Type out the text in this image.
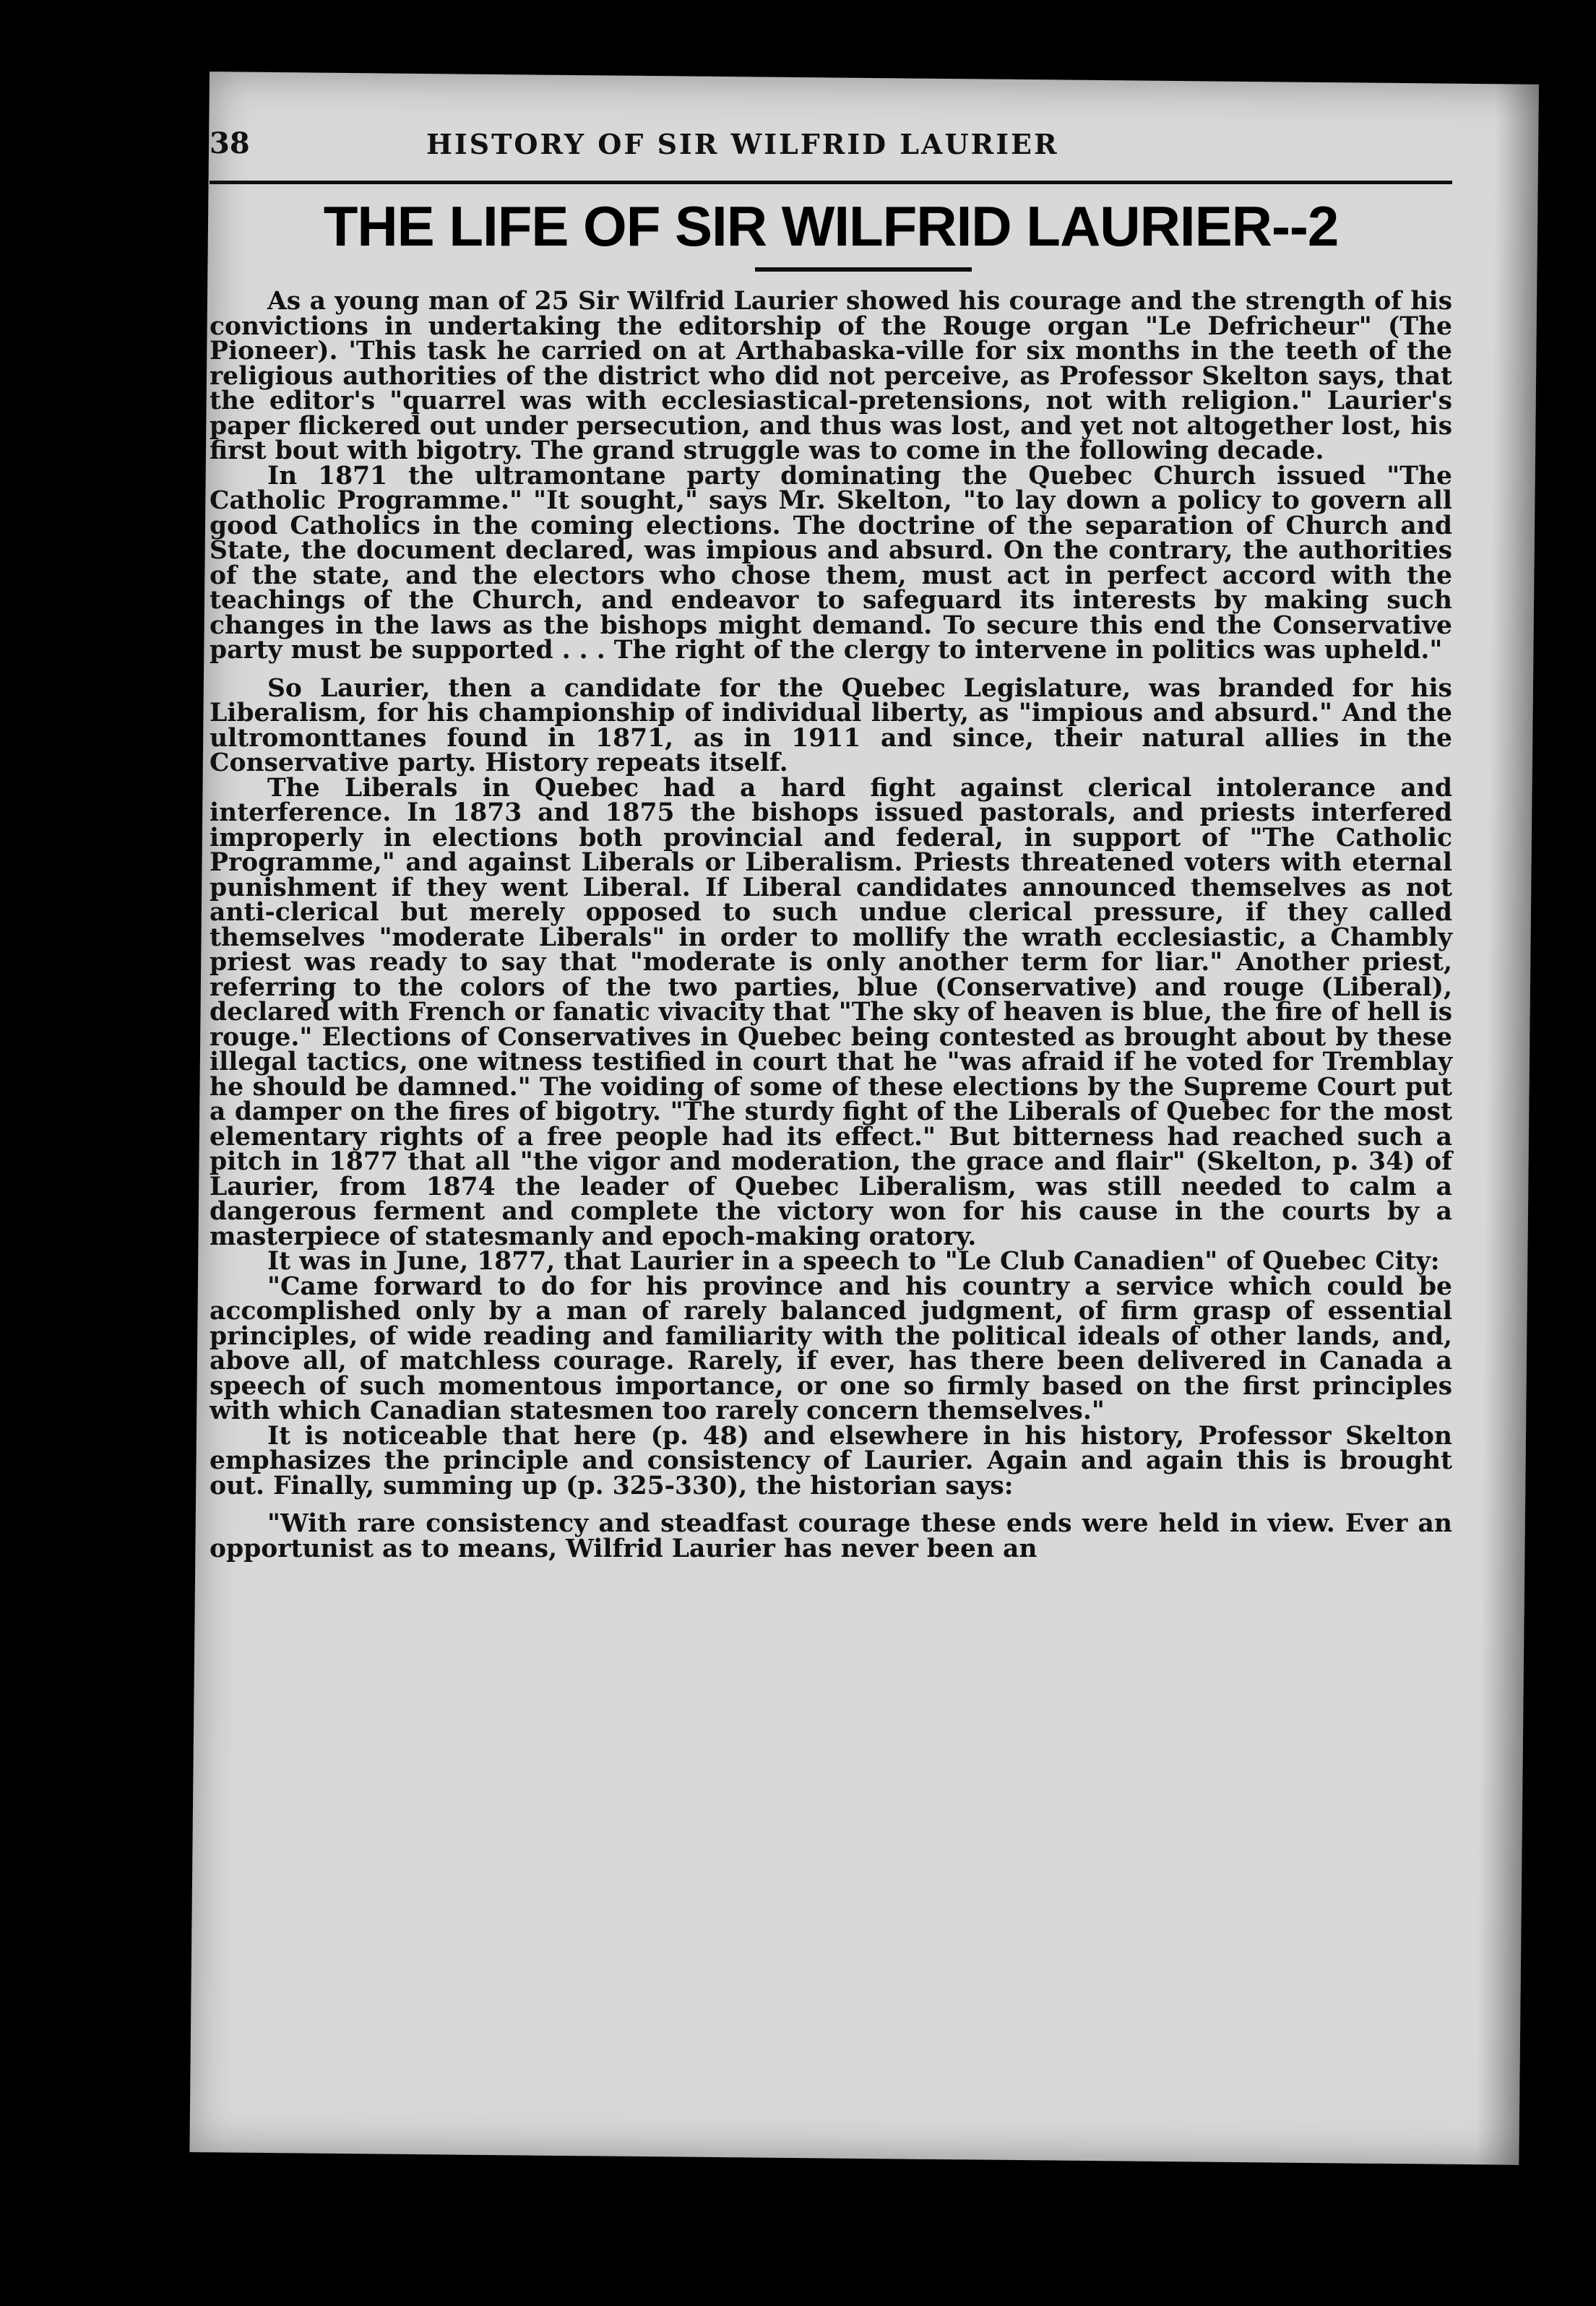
38	HISTORY OF SIR WILFRID LAURIER
THE LIFE OF SIR WILFRID LAURIER--2

As a young man of 25 Sir Wilfrid Laurier showed his courage and the strength of his convictions in undertaking the editorship of the Rouge organ "Le Defricheur" (The Pioneer). 'This task he carried on at Arthabaska-ville for six months in the teeth of the religious authorities of the district who did not perceive, as Professor Skelton says, that the editor's "quarrel was with ecclesiastical-pretensions, not with religion." Laurier's paper flickered out under persecution, and thus was lost, and yet not altogether lost, his first bout with bigotry. The grand struggle was to come in the following decade.

In 1871 the ultramontane party dominating the Quebec Church issued "The Catholic Programme." "It sought," says Mr. Skelton, "to lay down a policy to govern all good Catholics in the coming elections. The doctrine of the separation of Church and State, the document declared, was impious and absurd. On the contrary, the authorities of the state, and the electors who chose them, must act in perfect accord with the teachings of the Church, and endeavor to safeguard its interests by making such changes in the laws as the bishops might demand. To secure this end the Conservative party must be supported . . . The right of the clergy to intervene in politics was upheld."

So Laurier, then a candidate for the Quebec Legislature, was branded for his Liberalism, for his championship of individual liberty, as "impious and absurd." And the ultromonttanes found in 1871, as in 1911 and since, their natural allies in the Conservative party. History repeats itself.

The Liberals in Quebec had a hard fight against clerical intolerance and interference. In 1873 and 1875 the bishops issued pastorals, and priests interfered improperly in elections both provincial and federal, in support of "The Catholic Programme," and against Liberals or Liberalism. Priests threatened voters with eternal punishment if they went Liberal. If Liberal candidates announced themselves as not anti-clerical but merely opposed to such undue clerical pressure, if they called themselves "moderate Liberals" in order to mollify the wrath ecclesiastic, a Chambly priest was ready to say that "moderate is only another term for liar." Another priest, referring to the colors of the two parties, blue (Conservative) and rouge (Liberal), declared with French or fanatic vivacity that "The sky of heaven is blue, the fire of hell is rouge." Elections of Conservatives in Quebec being contested as brought about by these illegal tactics, one witness testified in court that he "was afraid if he voted for Tremblay he should be damned." The voiding of some of these elections by the Supreme Court put a damper on the fires of bigotry. "The sturdy fight of the Liberals of Quebec for the most elementary rights of a free people had its effect." But bitterness had reached such a pitch in 1877 that all "the vigor and moderation, the grace and flair" (Skelton, p. 34) of Laurier, from 1874 the leader of Quebec Liberalism, was still needed to calm a dangerous ferment and complete the victory won for his cause in the courts by a masterpiece of statesmanly and epoch-making oratory.

It was in June, 1877, that Laurier in a speech to "Le Club Canadien" of Quebec City:

"Came forward to do for his province and his country a service which could be accomplished only by a man of rarely balanced judgment, of firm grasp of essential principles, of wide reading and familiarity with the political ideals of other lands, and, above all, of matchless courage. Rarely, if ever, has there been delivered in Canada a speech of such momentous importance, or one so firmly based on the first principles with which Canadian statesmen too rarely concern themselves."

It is noticeable that here (p. 48) and elsewhere in his history, Professor Skelton emphasizes the principle and consistency of Laurier. Again and again this is brought out. Finally, summing up (p. 325-330), the historian says:

"With rare consistency and steadfast courage these ends were held in view. Ever an opportunist as to means, Wilfrid Laurier has never been an
